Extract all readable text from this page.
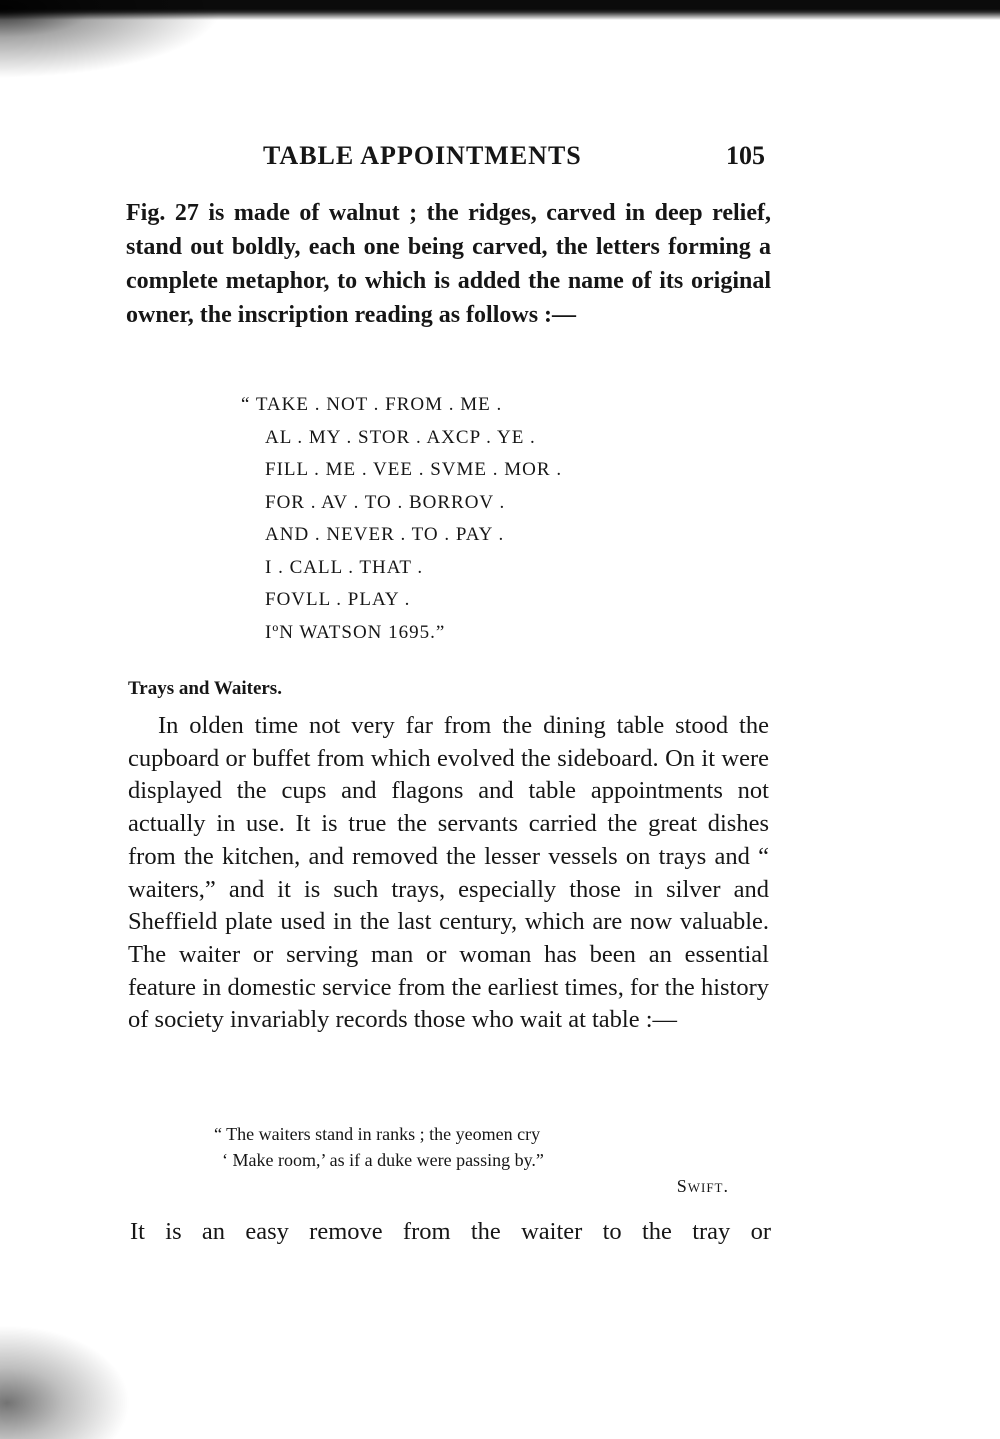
TABLE APPOINTMENTS	105

Fig. 27 is made of walnut ; the ridges, carved in deep relief, stand out boldly, each one being carved, the letters forming a complete metaphor, to which is added the name of its original owner, the inscription reading as follows :—

“ TAKE . NOT . FROM . ME .
AL . MY . STOR . AXCP . YE .
FILL . ME . VEE . SVME . MOR .
FOR . AV . TO . BORROV .
AND . NEVER . TO . PAY .
I . CALL . THAT .
FOVLL . PLAY .
IºN WATSON 1695.”
Trays and Waiters.

In olden time not very far from the dining table stood the cupboard or buffet from which evolved the sideboard. On it were displayed the cups and flagons and table appointments not actually in use. It is true the servants carried the great dishes from the kitchen, and removed the lesser vessels on trays and “ waiters,” and it is such trays, especially those in silver and Sheffield plate used in the last century, which are now valuable. The waiter or serving man or woman has been an essential feature in domestic service from the earliest times, for the history of society invariably records those who wait at table :—

“ The waiters stand in ranks ; the yeomen cry
‘ Make room,’ as if a duke were passing by.”
Swift.

It is an easy remove from the waiter to the tray or
